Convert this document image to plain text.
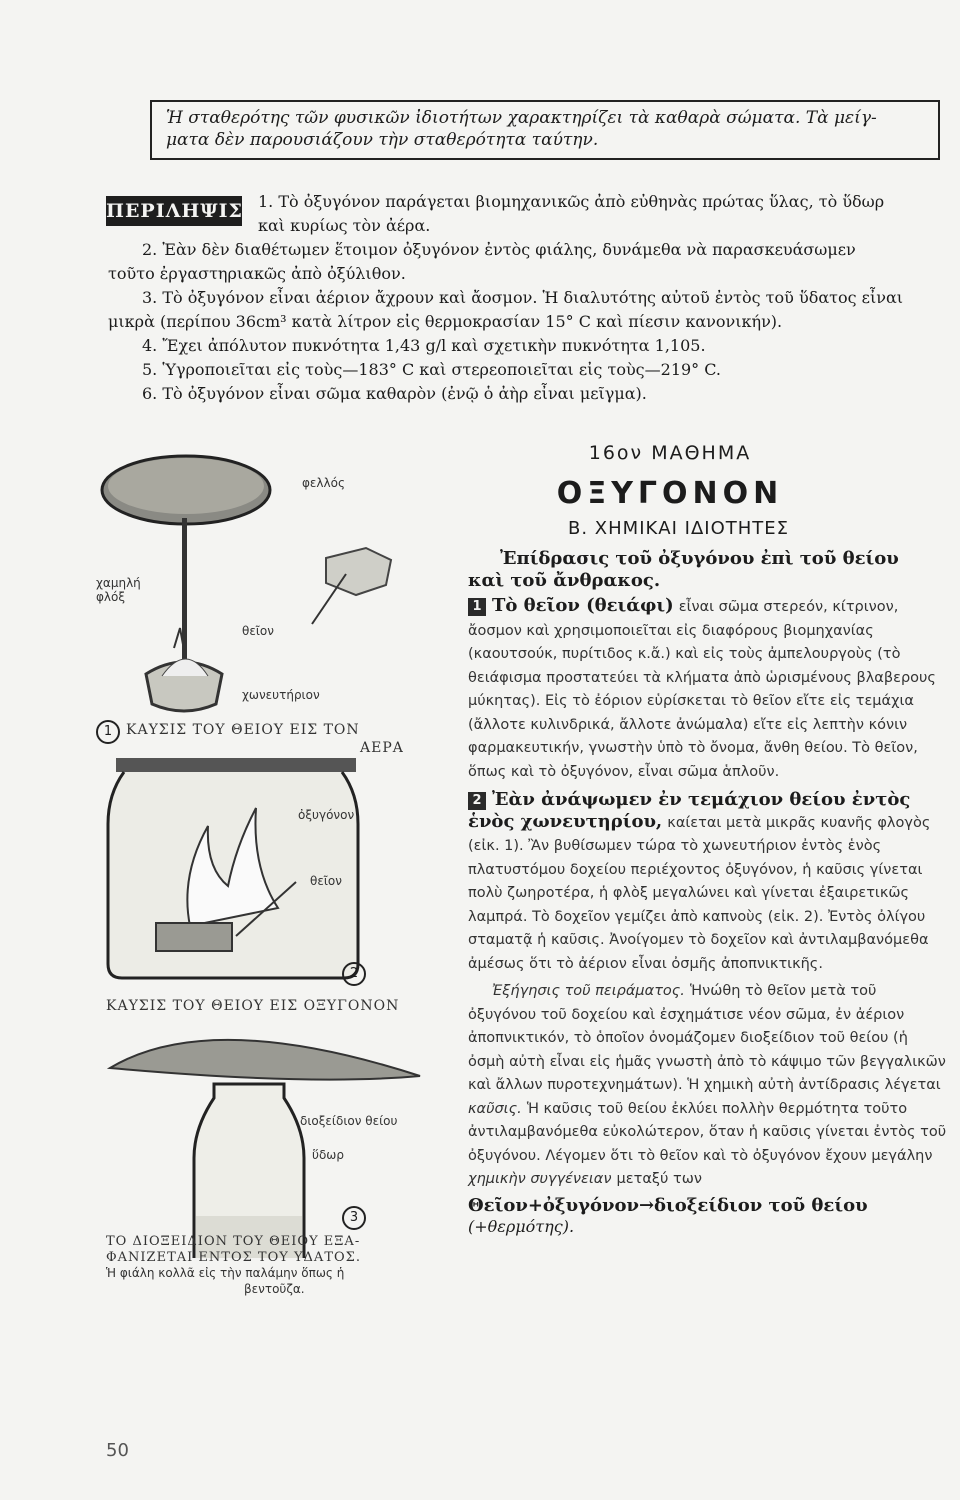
Ἡ σταθερότης τῶν φυσικῶν ἰδιοτήτων χαρακτηρίζει τὰ καθαρὰ σώματα. Τὰ μείγ-
ματα δὲν παρουσιάζουν τὴν σταθερότητα ταύτην.
ΠΕΡΙΛΗΨΙΣ 1. Τὸ ὀξυγόνον παράγεται βιομηχανικῶς ἀπὸ εὐθηνὰς πρώτας ὕλας, τὸ ὕδωρ
καὶ κυρίως τὸν ἀέρα.
2. Ἐὰν δὲν διαθέτωμεν ἕτοιμον ὀξυγόνον ἐντὸς φιάλης, δυνάμεθα νὰ παρασκευάσωμεν
τοῦτο ἐργαστηριακῶς ἀπὸ ὀξύλιθον.
3. Τὸ ὀξυγόνον εἶναι ἀέριον ἄχρουν καὶ ἄοσμον. Ἡ διαλυτότης αὐτοῦ ἐντὸς τοῦ ὕδατος εἶναι
μικρὰ (περίπου 36cm³ κατὰ λίτρον εἰς θερμοκρασίαν 15° C καὶ πίεσιν κανονικήν).
4. Ἔχει ἀπόλυτον πυκνότητα 1,43 g/l καὶ σχετικὴν πυκνότητα 1,105.
5. Ὑγροποιεῖται εἰς τοὺς—183° C καὶ στερεοποιεῖται εἰς τοὺς—219° C.
6. Τὸ ὀξυγόνον εἶναι σῶμα καθαρὸν (ἐνῷ ὁ ἀὴρ εἶναι μεῖγμα).
φελλός
χαμηλή φλόξ
θεῖον
χωνευτήριον
1 ΚΑΥΣΙΣ ΤΟΥ ΘΕΙΟΥ ΕΙΣ ΤΟΝ
ΑΕΡΑ
ὀξυγόνον
θεῖον
2
ΚΑΥΣΙΣ ΤΟΥ ΘΕΙΟΥ ΕΙΣ ΟΞΥΓΟΝΟΝ
διοξείδιον θείου
ὕδωρ
3
ΤΟ ΔΙΟΞΕΙΔΙΟΝ ΤΟΥ ΘΕΙΟΥ ΕΞΑ-
ΦΑΝΙΖΕΤΑΙ ΕΝΤΟΣ ΤΟΥ ΥΔΑΤΟΣ.
Ἡ φιάλη κολλᾶ εἰς τὴν παλάμην ὅπως ἡ
βεντοῦζα.
16ον ΜΑΘΗΜΑ
ΟΞΥΓΟΝΟΝ
Β. ΧΗΜΙΚΑΙ ΙΔΙΟΤΗΤΕΣ

Ἐπίδρασις τοῦ ὀξυγόνου ἐπὶ τοῦ θείου
καὶ τοῦ ἄνθρακος.

1 Τὸ θεῖον (θειάφι) εἶναι σῶμα στερεόν, κίτρινον, ἄοσμον καὶ χρησιμοποιεῖται εἰς διαφόρους βιομηχανίας (καουτσούκ, πυρίτιδος κ.ἄ.) καὶ εἰς τοὺς ἀμπελουργοὺς (τὸ θειάφισμα προστατεύει τὰ κλήματα ἀπὸ ὡρισμένους βλαβερους μύκητας). Εἰς τὸ ἐόριον εὑρίσκεται τὸ θεῖον εἴτε εἰς τεμάχια (ἄλλοτε κυλινδρικά, ἄλλοτε ἀνώμαλα) εἴτε εἰς λεπτὴν κόνιν φαρμακευτικήν, γνωστὴν ὑπὸ τὸ ὄνομα, ἄνθη θείου. Τὸ θεῖον, ὅπως καὶ τὸ ὀξυγόνον, εἶναι σῶμα ἁπλοῦν.

2 Ἐὰν ἀνάψωμεν ἐν τεμάχιον θείου ἐντὸς ἑνὸς χωνευτηρίου, καίεται μετὰ μικρᾶς κυανῆς φλογὸς (εἰκ. 1). Ἂν βυθίσωμεν τώρα τὸ χωνευτήριον ἐντὸς ἑνὸς πλατυστόμου δοχείου περιέχοντος ὀξυγόνον, ἡ καῦσις γίνεται πολὺ ζωηροτέρα, ἡ φλὸξ μεγαλώνει καὶ γίνεται ἐξαιρετικῶς λαμπρά. Τὸ δοχεῖον γεμίζει ἀπὸ καπνοὺς (εἰκ. 2). Ἐντὸς ὀλίγου σταματᾷ ἡ καῦσις. Ἀνοίγομεν τὸ δοχεῖον καὶ ἀντιλαμβανόμεθα ἀμέσως ὅτι τὸ ἀέριον εἶναι ὀσμῆς ἀποπνικτικῆς.

Ἐξήγησις τοῦ πειράματος. Ἡνώθη τὸ θεῖον μετὰ τοῦ ὀξυγόνου τοῦ δοχείου καὶ ἐσχημάτισε νέον σῶμα, ἐν ἀέριον ἀποπνικτικόν, τὸ ὁποῖον ὀνομάζομεν διοξείδιον τοῦ θείου (ἡ ὀσμὴ αὐτὴ εἶναι εἰς ἡμᾶς γνωστὴ ἀπὸ τὸ κάψιμο τῶν βεγγαλικῶν καὶ ἄλλων πυροτεχνημάτων). Ἡ χημικὴ αὐτὴ ἀντίδρασις λέγεται καῦσις. Ἡ καῦσις τοῦ θείου ἐκλύει πολλὴν θερμότητα τοῦτο ἀντιλαμβανόμεθα εὐκολώτερον, ὅταν ἡ καῦσις γίνεται ἐντὸς τοῦ ὀξυγόνου. Λέγομεν ὅτι τὸ θεῖον καὶ τὸ ὀξυγόνον ἔχουν μεγάλην χημικὴν συγγένειαν μεταξύ των

Θεῖον+ὀξυγόνον→διοξείδιον τοῦ θείου (+θερμότης).

50
